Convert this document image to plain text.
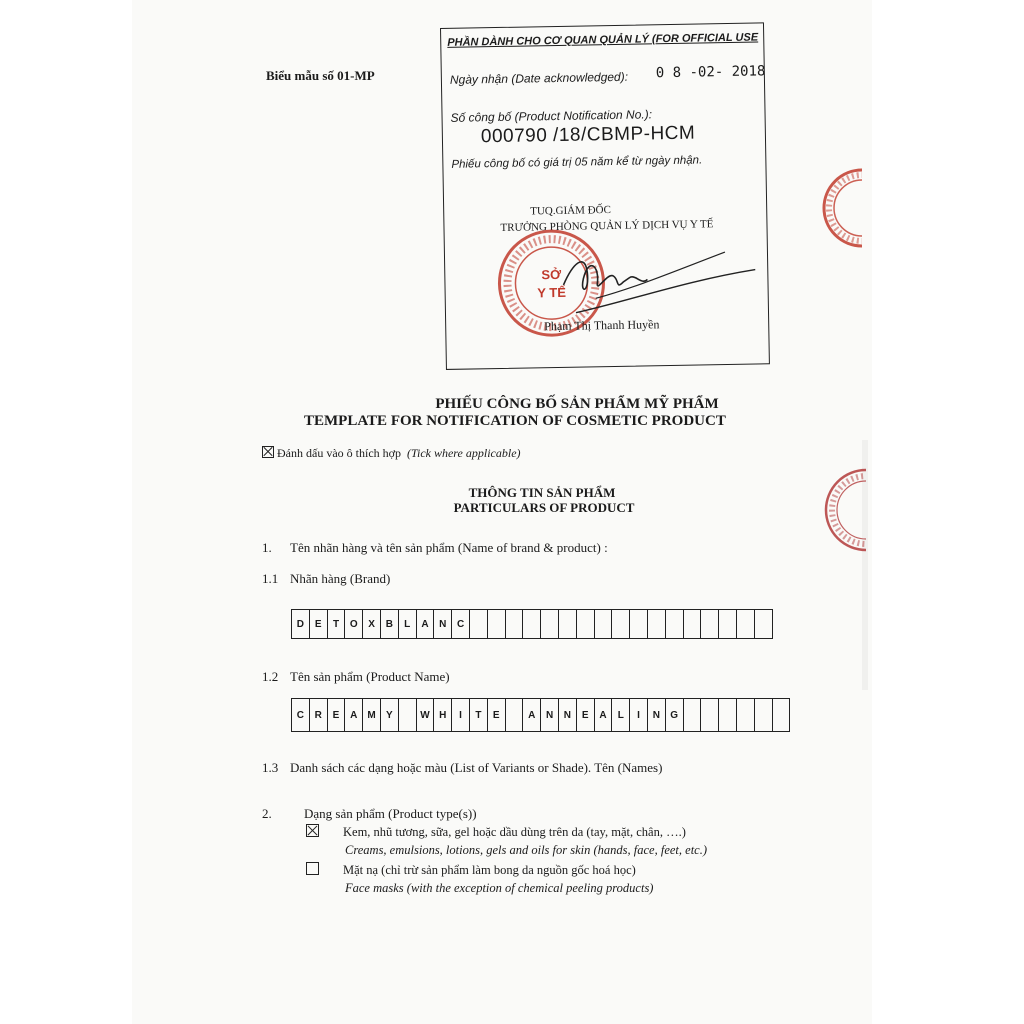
Biểu mẫu số 01-MP
PHẦN DÀNH CHO CƠ QUAN QUẢN LÝ (FOR OFFICIAL USE
Ngày nhận (Date acknowledged): 0 8 -02- 2018
Số công bố (Product Notification No.):
000790 /18/CBMP-HCM
Phiếu công bố có giá trị 05 năm kể từ ngày nhận.
TUQ.GIÁM ĐỐC
TRƯỞNG PHÒNG QUẢN LÝ DỊCH VỤ Y TẾ
SỞ
Y TẾ
Phạm Thị Thanh Huyền
PHIẾU CÔNG BỐ SẢN PHẨM MỸ PHẨM
TEMPLATE FOR NOTIFICATION OF COSMETIC PRODUCT
Đánh dấu vào ô thích hợp (Tick where applicable)
THÔNG TIN SẢN PHẨM
PARTICULARS OF PRODUCT
1. Tên nhãn hàng và tên sản phẩm (Name of brand & product) :
1.1 Nhãn hàng (Brand)
D	E	T	O	X	B	L	A	N	C
1.2 Tên sản phẩm (Product Name)
C	R	E	A	M	Y	W H	I	T	E	A	N	N	E	A	L	I	N	G
1.3 Danh sách các dạng hoặc màu (List of Variants or Shade). Tên (Names)
2. Dạng sản phẩm (Product type(s))
Kem, nhũ tương, sữa, gel hoặc dầu dùng trên da (tay, mặt, chân, ….)
Creams, emulsions, lotions, gels and oils for skin (hands, face, feet, etc.)
Mặt nạ (chỉ trừ sản phẩm làm bong da nguồn gốc hoá học)
Face masks (with the exception of chemical peeling products)
